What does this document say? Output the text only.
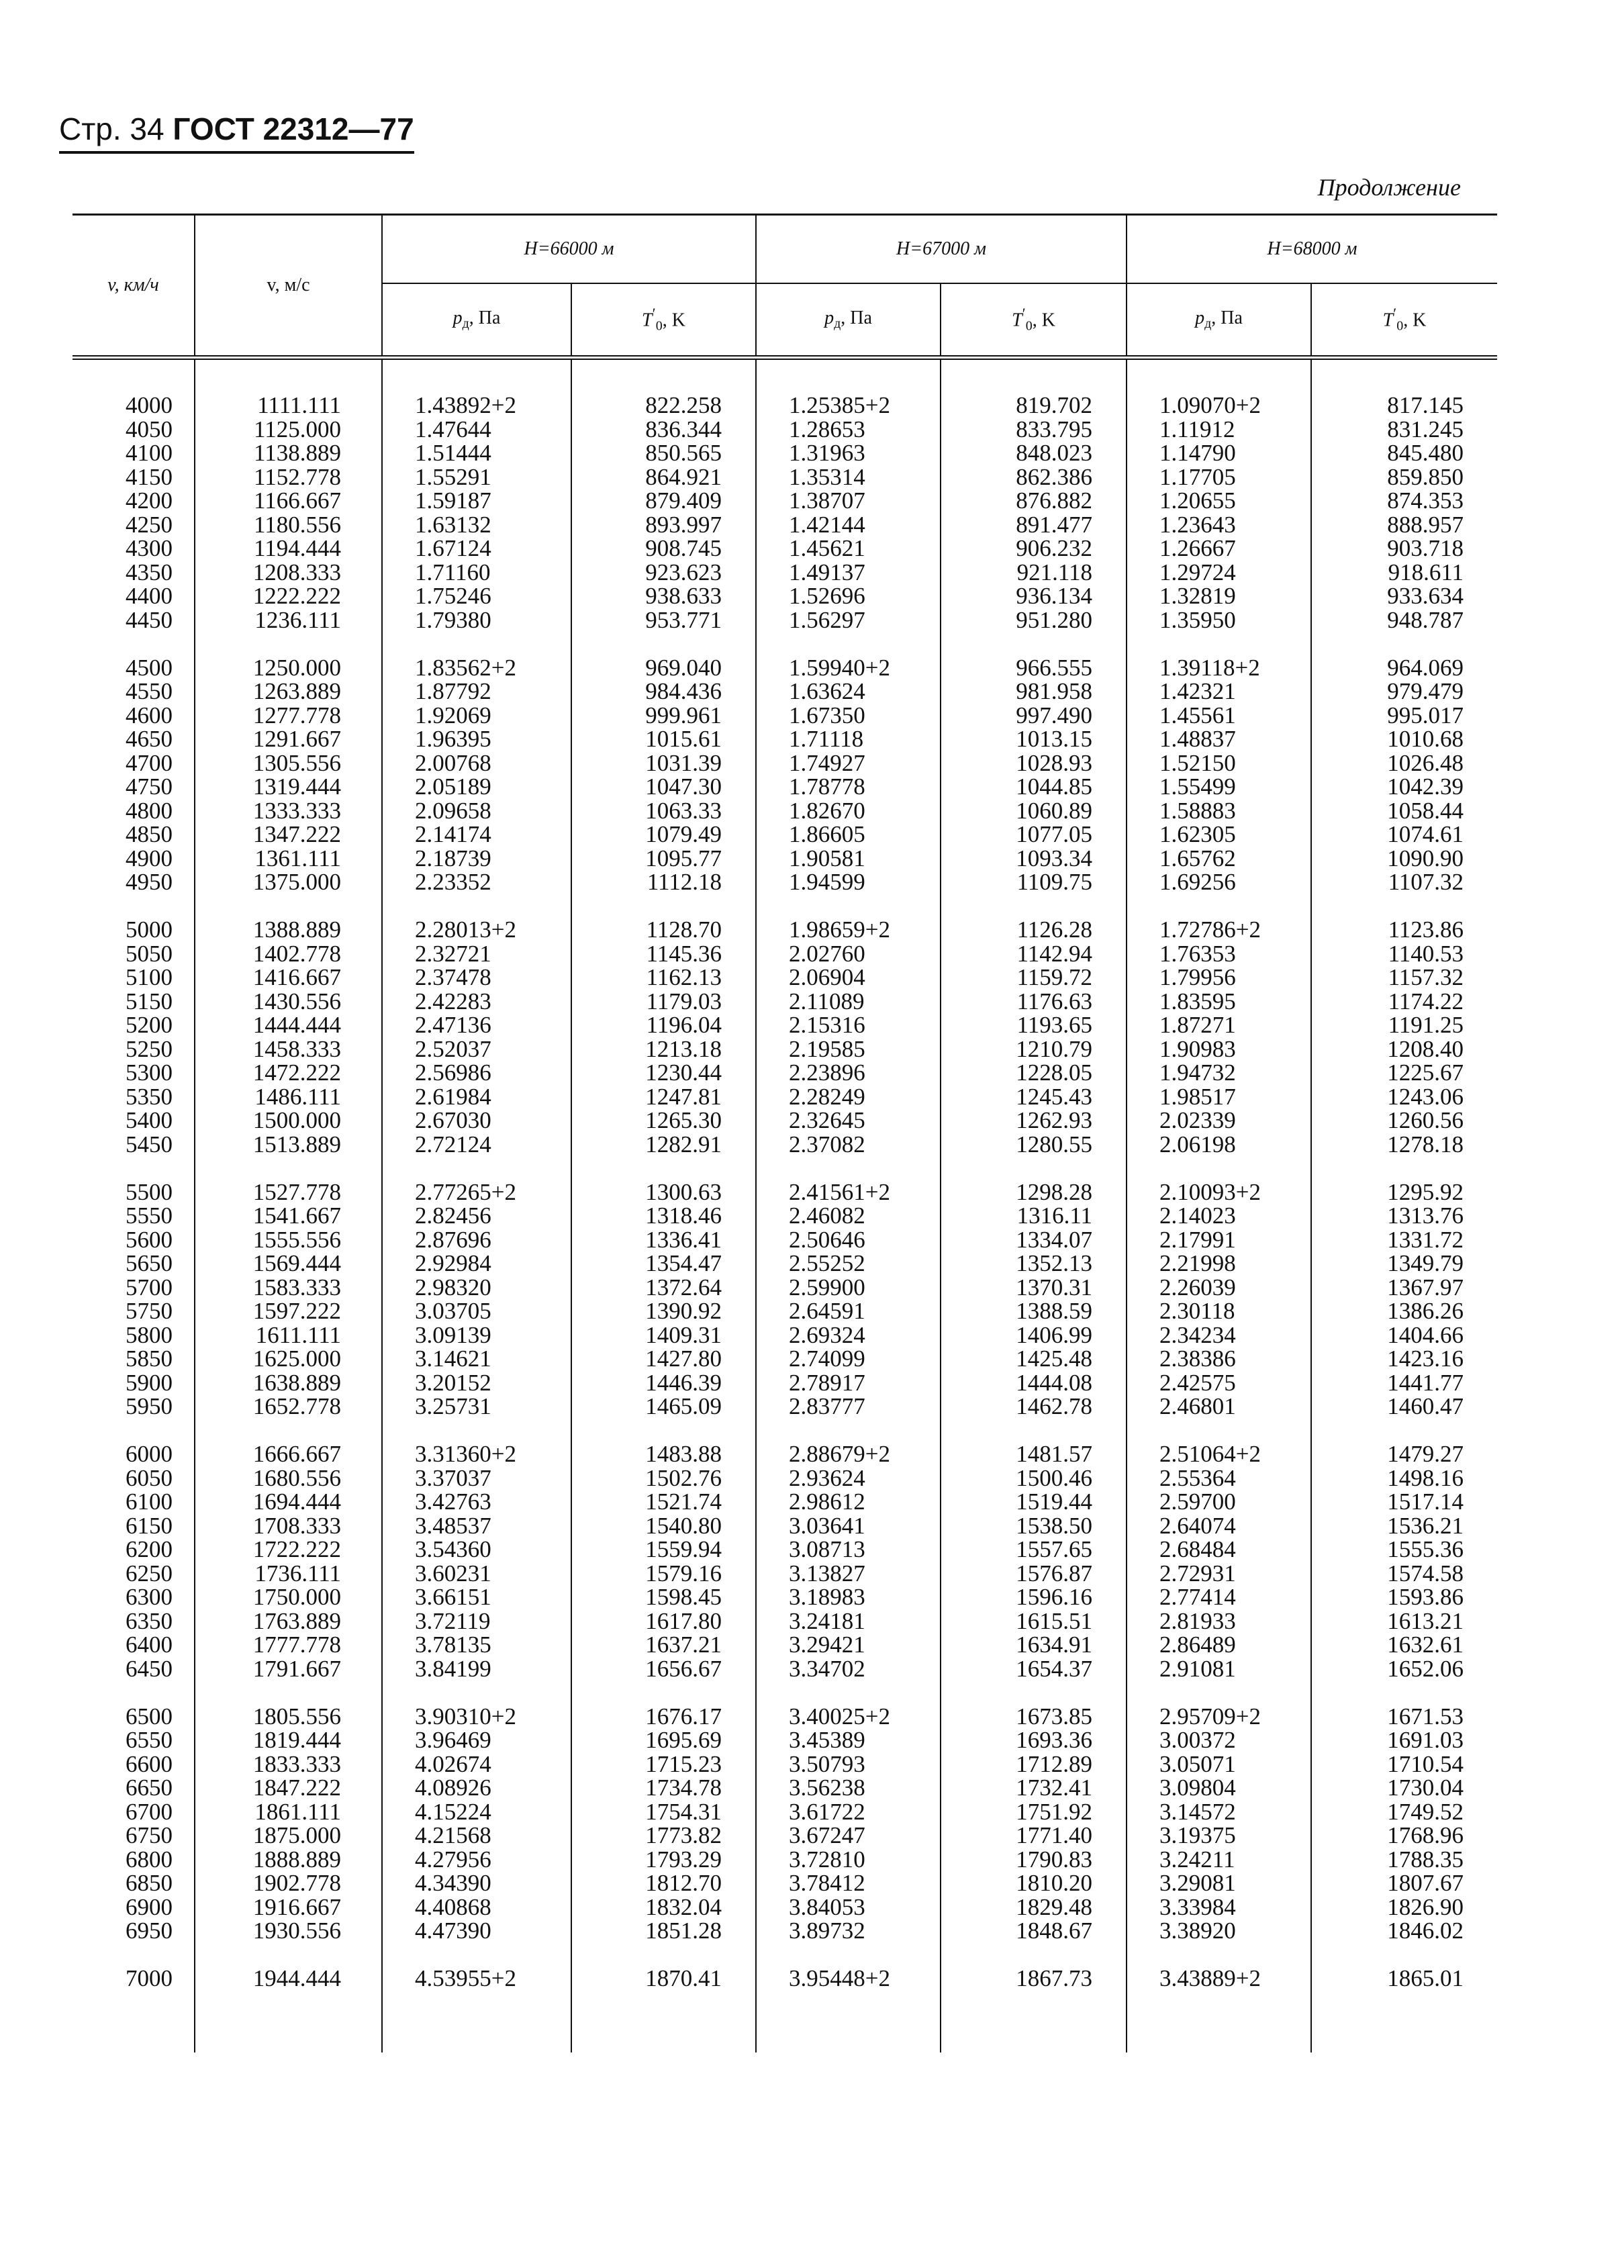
Стр. 34 ГОСТ 22312—77
Продолжение
v, км/ч	v, м/с	H=66000 м		H=67000 м		H=68000 м	
		$p_д$, Па	$T'_0$, K	$p_д$, Па	$T'_0$, K	$p_д$, Па	$T'_0$, K

4000	1111.111	1.43892+2	822.258	1.25385+2	819.702	1.09070+2	817.145
4050	1125.000	1.47644	836.344	1.28653	833.795	1.11912	831.245
4100	1138.889	1.51444	850.565	1.31963	848.023	1.14790	845.480
4150	1152.778	1.55291	864.921	1.35314	862.386	1.17705	859.850
4200	1166.667	1.59187	879.409	1.38707	876.882	1.20655	874.353
4250	1180.556	1.63132	893.997	1.42144	891.477	1.23643	888.957
4300	1194.444	1.67124	908.745	1.45621	906.232	1.26667	903.718
4350	1208.333	1.71160	923.623	1.49137	921.118	1.29724	918.611
4400	1222.222	1.75246	938.633	1.52696	936.134	1.32819	933.634
4450	1236.111	1.79380	953.771	1.56297	951.280	1.35950	948.787

4500	1250.000	1.83562+2	969.040	1.59940+2	966.555	1.39118+2	964.069
4550	1263.889	1.87792	984.436	1.63624	981.958	1.42321	979.479
4600	1277.778	1.92069	999.961	1.67350	997.490	1.45561	995.017
4650	1291.667	1.96395	1015.61	1.71118	1013.15	1.48837	1010.68
4700	1305.556	2.00768	1031.39	1.74927	1028.93	1.52150	1026.48
4750	1319.444	2.05189	1047.30	1.78778	1044.85	1.55499	1042.39
4800	1333.333	2.09658	1063.33	1.82670	1060.89	1.58883	1058.44
4850	1347.222	2.14174	1079.49	1.86605	1077.05	1.62305	1074.61
4900	1361.111	2.18739	1095.77	1.90581	1093.34	1.65762	1090.90
4950	1375.000	2.23352	1112.18	1.94599	1109.75	1.69256	1107.32

5000	1388.889	2.28013+2	1128.70	1.98659+2	1126.28	1.72786+2	1123.86
5050	1402.778	2.32721	1145.36	2.02760	1142.94	1.76353	1140.53
5100	1416.667	2.37478	1162.13	2.06904	1159.72	1.79956	1157.32
5150	1430.556	2.42283	1179.03	2.11089	1176.63	1.83595	1174.22
5200	1444.444	2.47136	1196.04	2.15316	1193.65	1.87271	1191.25
5250	1458.333	2.52037	1213.18	2.19585	1210.79	1.90983	1208.40
5300	1472.222	2.56986	1230.44	2.23896	1228.05	1.94732	1225.67
5350	1486.111	2.61984	1247.81	2.28249	1245.43	1.98517	1243.06
5400	1500.000	2.67030	1265.30	2.32645	1262.93	2.02339	1260.56
5450	1513.889	2.72124	1282.91	2.37082	1280.55	2.06198	1278.18

5500	1527.778	2.77265+2	1300.63	2.41561+2	1298.28	2.10093+2	1295.92
5550	1541.667	2.82456	1318.46	2.46082	1316.11	2.14023	1313.76
5600	1555.556	2.87696	1336.41	2.50646	1334.07	2.17991	1331.72
5650	1569.444	2.92984	1354.47	2.55252	1352.13	2.21998	1349.79
5700	1583.333	2.98320	1372.64	2.59900	1370.31	2.26039	1367.97
5750	1597.222	3.03705	1390.92	2.64591	1388.59	2.30118	1386.26
5800	1611.111	3.09139	1409.31	2.69324	1406.99	2.34234	1404.66
5850	1625.000	3.14621	1427.80	2.74099	1425.48	2.38386	1423.16
5900	1638.889	3.20152	1446.39	2.78917	1444.08	2.42575	1441.77
5950	1652.778	3.25731	1465.09	2.83777	1462.78	2.46801	1460.47

6000	1666.667	3.31360+2	1483.88	2.88679+2	1481.57	2.51064+2	1479.27
6050	1680.556	3.37037	1502.76	2.93624	1500.46	2.55364	1498.16
6100	1694.444	3.42763	1521.74	2.98612	1519.44	2.59700	1517.14
6150	1708.333	3.48537	1540.80	3.03641	1538.50	2.64074	1536.21
6200	1722.222	3.54360	1559.94	3.08713	1557.65	2.68484	1555.36
6250	1736.111	3.60231	1579.16	3.13827	1576.87	2.72931	1574.58
6300	1750.000	3.66151	1598.45	3.18983	1596.16	2.77414	1593.86
6350	1763.889	3.72119	1617.80	3.24181	1615.51	2.81933	1613.21
6400	1777.778	3.78135	1637.21	3.29421	1634.91	2.86489	1632.61
6450	1791.667	3.84199	1656.67	3.34702	1654.37	2.91081	1652.06

6500	1805.556	3.90310+2	1676.17	3.40025+2	1673.85	2.95709+2	1671.53
6550	1819.444	3.96469	1695.69	3.45389	1693.36	3.00372	1691.03
6600	1833.333	4.02674	1715.23	3.50793	1712.89	3.05071	1710.54
6650	1847.222	4.08926	1734.78	3.56238	1732.41	3.09804	1730.04
6700	1861.111	4.15224	1754.31	3.61722	1751.92	3.14572	1749.52
6750	1875.000	4.21568	1773.82	3.67247	1771.40	3.19375	1768.96
6800	1888.889	4.27956	1793.29	3.72810	1790.83	3.24211	1788.35
6850	1902.778	4.34390	1812.70	3.78412	1810.20	3.29081	1807.67
6900	1916.667	4.40868	1832.04	3.84053	1829.48	3.33984	1826.90
6950	1930.556	4.47390	1851.28	3.89732	1848.67	3.38920	1846.02

7000	1944.444	4.53955+2	1870.41	3.95448+2	1867.73	3.43889+2	1865.01
